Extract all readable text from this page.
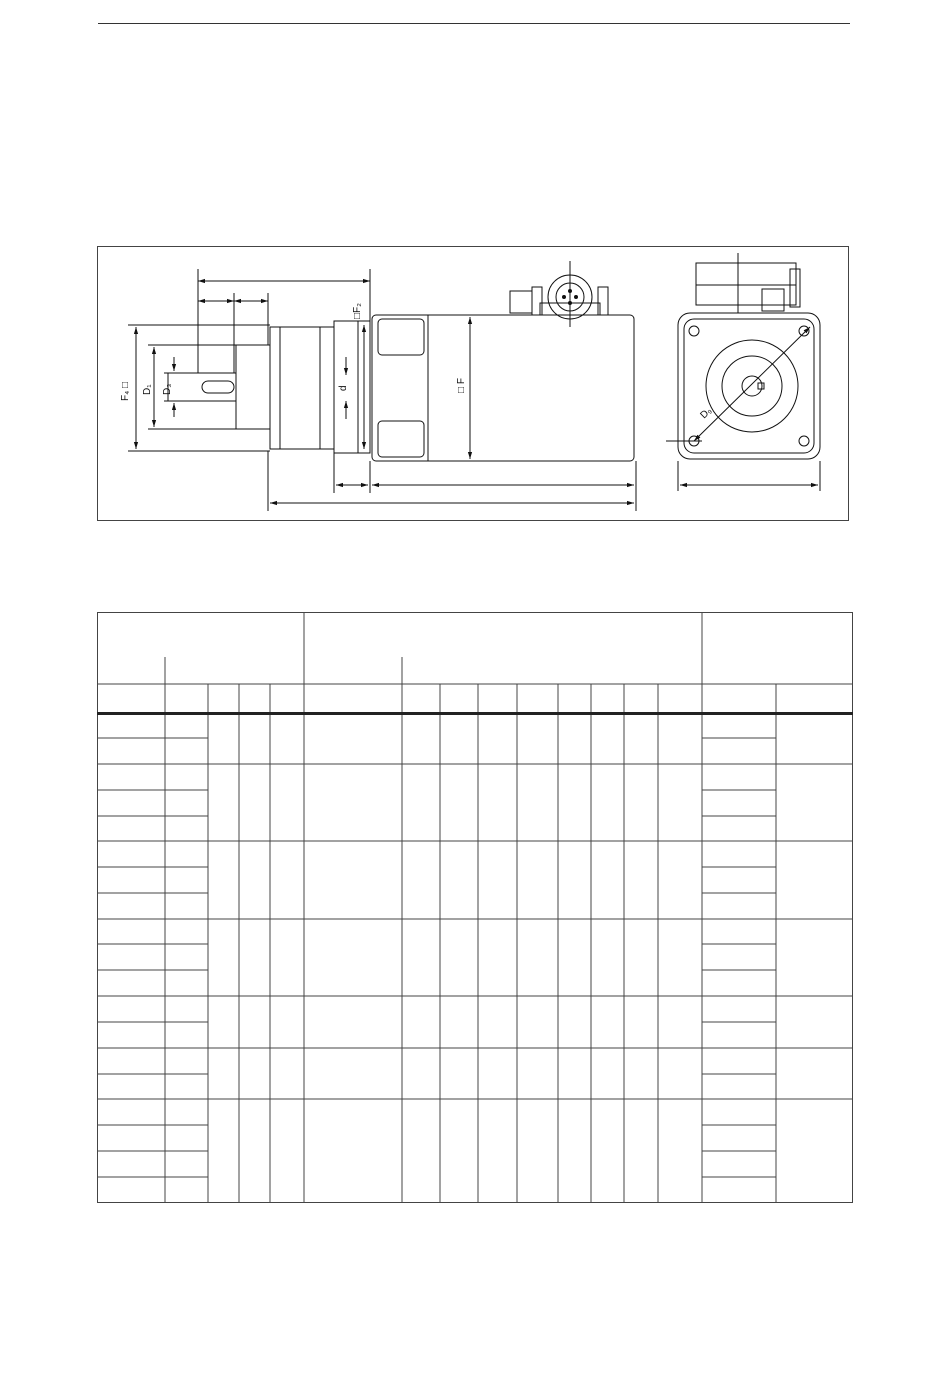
F₄ □ D₁ D₃	d
□F₂
□ F
D₉
